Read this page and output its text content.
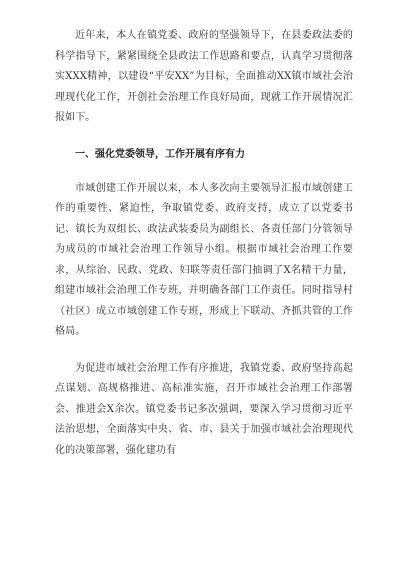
近年来，本人在镇党委、政府的坚强领导下，在县委政法委的科学指导下，紧紧围绕全县政法工作思路和要点，认真学习贯彻落实XXX精神，以建设“平安XX”为目标，全面推动XX镇市域社会治理现代化工作，开创社会治理工作良好局面，现就工作开展情况汇报如下。

一、强化党委领导，工作开展有序有力

市域创建工作开展以来，本人多次向主要领导汇报市域创建工作的重要性、紧迫性，争取镇党委、政府支持，成立了以党委书记、镇长为双组长、政法武装委员为副组长、各责任部门分管领导为成员的市域社会治理工作领导小组。根据市域社会治理工作要求，从综治、民政、党政、妇联等责任部门抽调了X名精干力量，组建市域社会治理工作专班，并明确各部门工作责任。同时指导村（社区）成立市域创建工作专班，形成上下联动、齐抓共管的工作格局。

为促进市域社会治理工作有序推进，我镇党委、政府坚持高起点谋划、高规格推进、高标准实施，召开市域社会治理工作部署会、推进会X余次。镇党委书记多次强调，要深入学习贯彻习近平法治思想，全面落实中央、省、市、县关于加强市域社会治理现代化的决策部署，强化建功有
